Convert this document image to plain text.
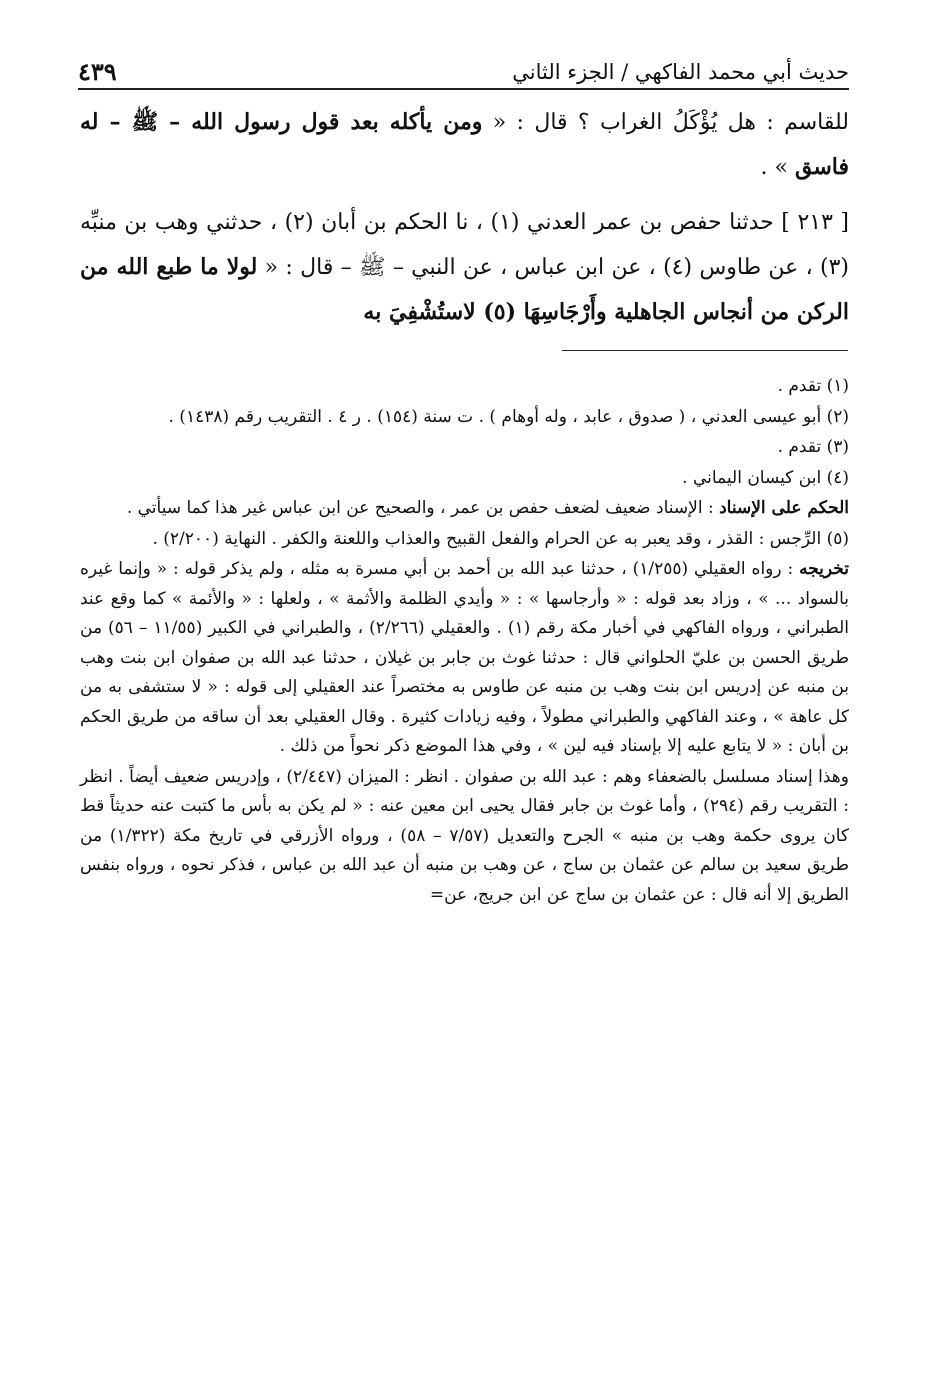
حديث أبي محمد الفاكهي / الجزء الثاني
٤٣٩

للقاسم : هل يُؤْكَلُ الغراب ؟ قال : « ومن يأكله بعد قول رسول الله – ﷺ – له فاسق » .

[ ٢١٣ ] حدثنا حفص بن عمر العدني (١) ، نا الحكم بن أبان (٢) ، حدثني وهب بن منبِّه (٣) ، عن طاوس (٤) ، عن ابن عباس ، عن النبي – ﷺ – قال : « لولا ما طبع الله من الركن من أنجاس الجاهلية وأَرْجَاسِهَا (٥) لاستُشْفِيَ به

(١) تقدم .

(٢) أبو عيسى العدني ، ( صدوق ، عابد ، وله أوهام ) . ت سنة (١٥٤) . ر ٤ . التقريب رقم (١٤٣٨) .

(٣) تقدم .

(٤) ابن كيسان اليماني .

الحكم على الإسناد : الإسناد ضعيف لضعف حفص بن عمر ، والصحيح عن ابن عباس غير هذا كما سيأتي .

(٥) الرِّجس : القذر ، وقد يعبر به عن الحرام والفعل القبيح والعذاب واللعنة والكفر . النهاية (٢/٢٠٠) .

تخريجه : رواه العقيلي (١/٢٥٥) ، حدثنا عبد الله بن أحمد بن أبي مسرة به مثله ، ولم يذكر قوله : « وإنما غيره بالسواد ... » ، وزاد بعد قوله : « وأرجاسها » : « وأيدي الظلمة والأثمة » ، ولعلها : « والأئمة » كما وقع عند الطبراني ، ورواه الفاكهي في أخبار مكة رقم (١) . والعقيلي (٢/٢٦٦) ، والطبراني في الكبير (١١/٥٥ – ٥٦) من طريق الحسن بن عليّ الحلواني قال : حدثنا غوث بن جابر بن غيلان ، حدثنا عبد الله بن صفوان ابن بنت وهب بن منبه عن إدريس ابن بنت وهب بن منبه عن طاوس به مختصراً عند العقيلي إلى قوله : « لا ستشفى به من كل عاهة » ، وعند الفاكهي والطبراني مطولاً ، وفيه زيادات كثيرة . وقال العقيلي بعد أن ساقه من طريق الحكم بن أبان : « لا يتابع عليه إلا بإسناد فيه لين » ، وفي هذا الموضع ذكر نحواً من ذلك .

وهذا إسناد مسلسل بالضعفاء وهم : عبد الله بن صفوان . انظر : الميزان (٢/٤٤٧) ، وإدريس ضعيف أيضاً . انظر : التقريب رقم (٢٩٤) ، وأما غوث بن جابر فقال يحيى ابن معين عنه : « لم يكن به بأس ما كتبت عنه حديثاً قط كان يروى حكمة وهب بن منبه » الجرح والتعديل (٧/٥٧ – ٥٨) ، ورواه الأزرقي في تاريخ مكة (١/٣٢٢) من طريق سعيد بن سالم عن عثمان بن ساج ، عن وهب بن منبه أن عبد الله بن عباس ، فذكر نحوه ، ورواه بنفس الطريق إلا أنه قال : عن عثمان بن ساج عن ابن جريج، عن=
